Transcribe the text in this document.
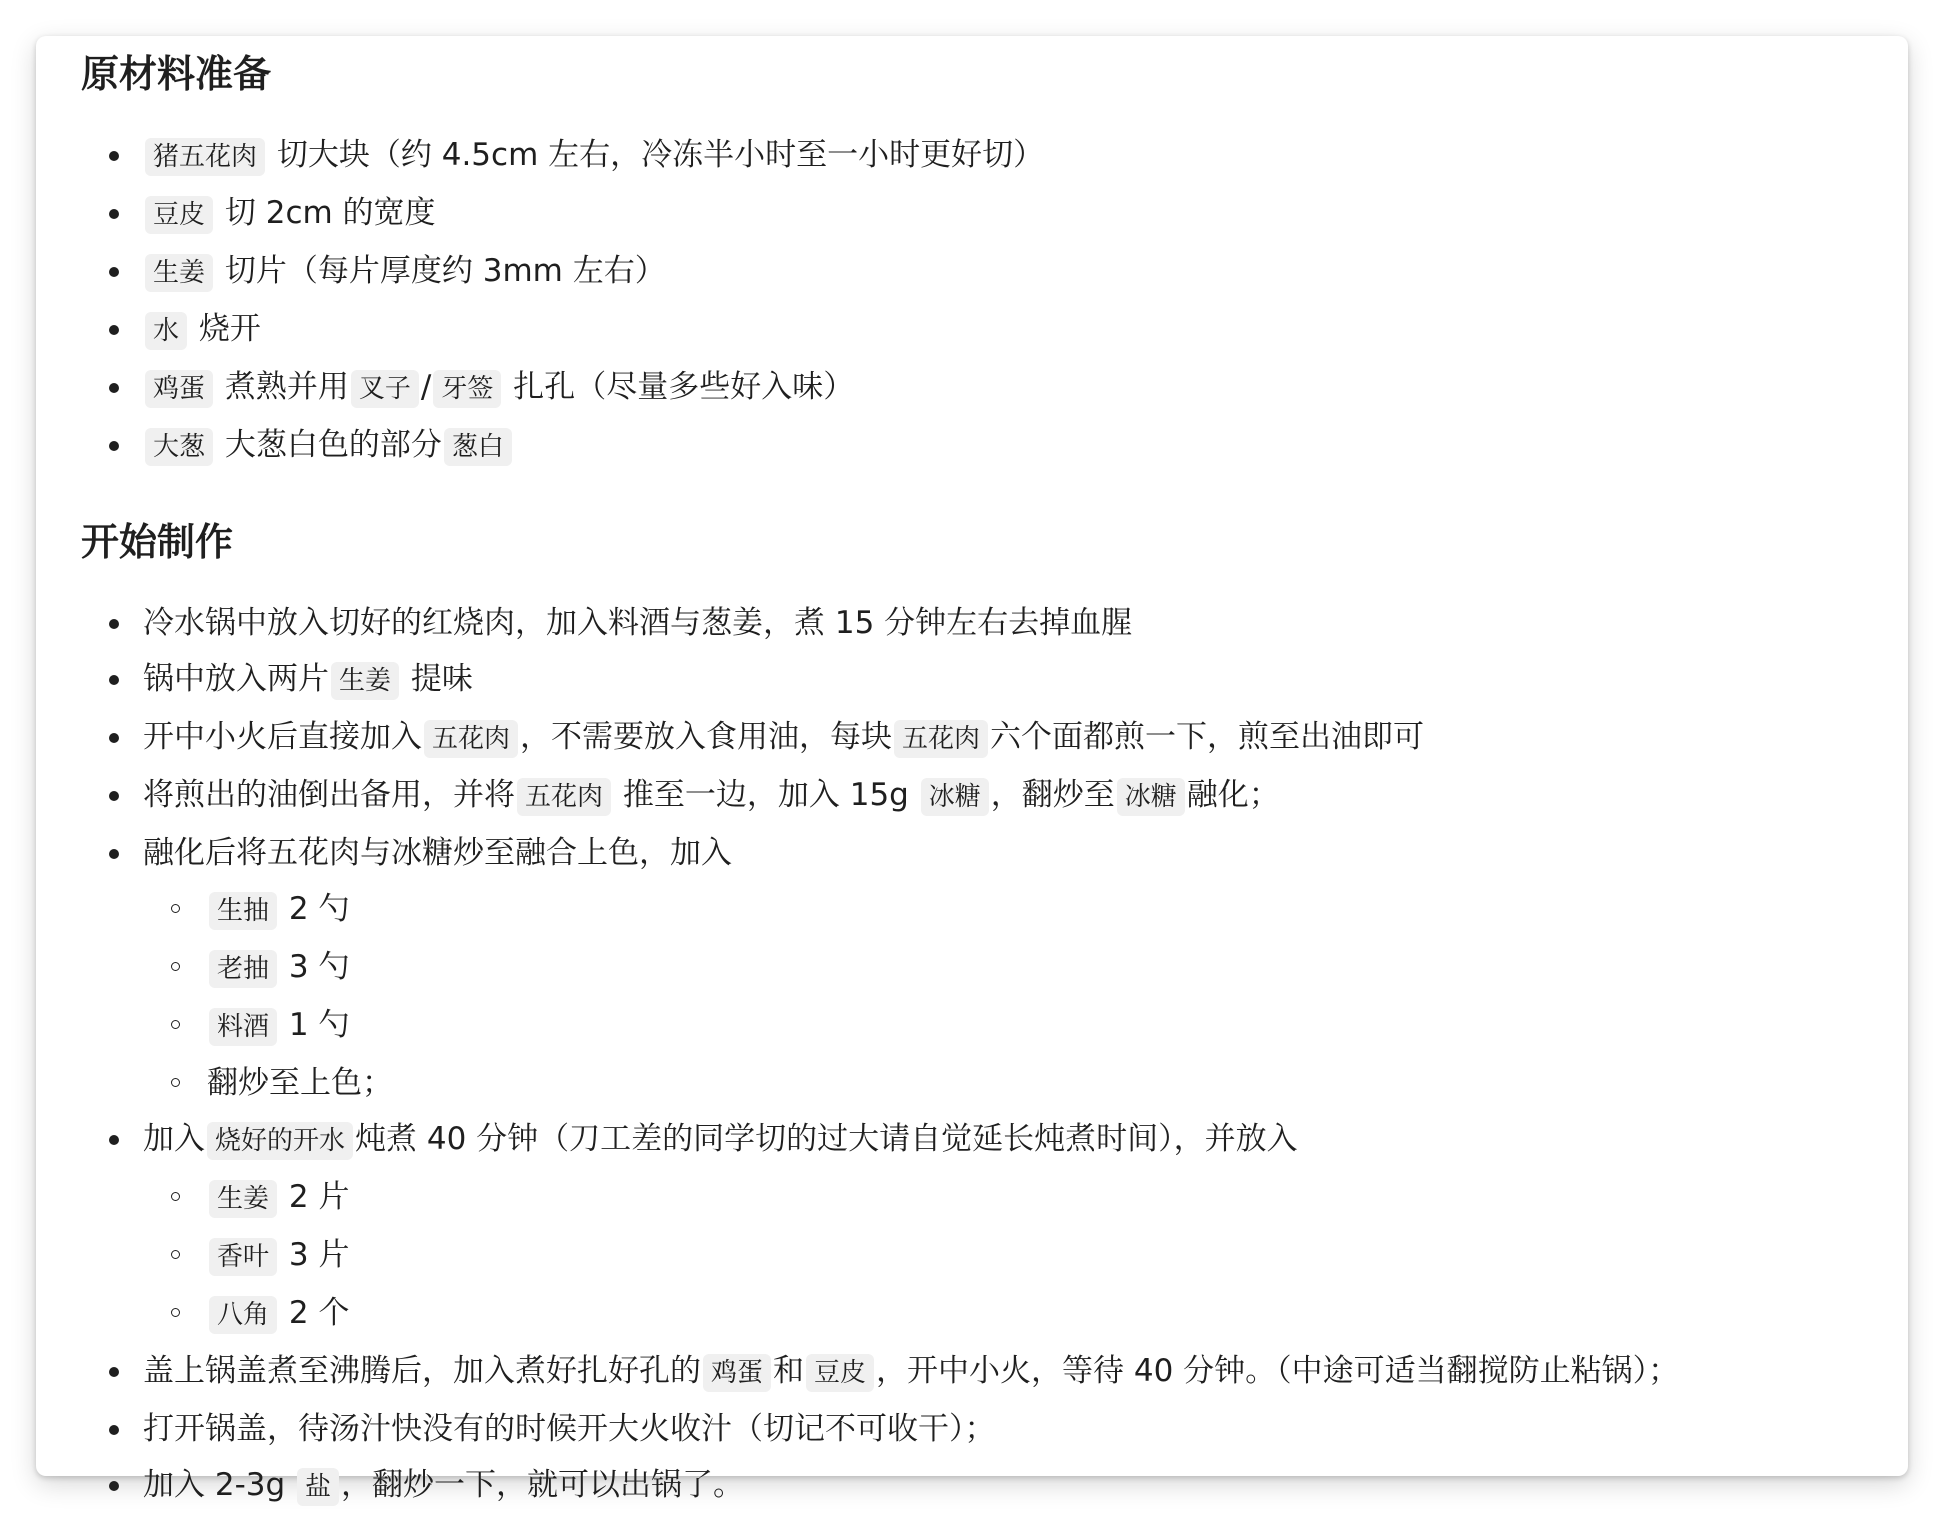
原材料准备
猪五花肉 切大块（约 4.5cm 左右，冷冻半小时至一小时更好切）
豆皮 切 2cm 的宽度
生姜 切片（每片厚度约 3mm 左右）
水 烧开
鸡蛋 煮熟并用 叉子 / 牙签 扎孔（尽量多些好入味）
大葱 大葱白色的部分 葱白
开始制作
冷水锅中放入切好的红烧肉，加入料酒与葱姜，煮 15 分钟左右去掉血腥
锅中放入两片 生姜 提味
开中小火后直接加入 五花肉 ，不需要放入食用油，每块 五花肉 六个面都煎一下，煎至出油即可
将煎出的油倒出备用，并将 五花肉 推至一边，加入 15g 冰糖 ，翻炒至 冰糖 融化；
融化后将五花肉与冰糖炒至融合上色，加入
生抽 2 勺
老抽 3 勺
料酒 1 勺
翻炒至上色；
加入 烧好的开水 炖煮 40 分钟（刀工差的同学切的过大请自觉延长炖煮时间），并放入
生姜 2 片
香叶 3 片
八角 2 个
盖上锅盖煮至沸腾后，加入煮好扎好孔的 鸡蛋 和 豆皮 ，开中小火，等待 40 分钟。（中途可适当翻搅防止粘锅）；
打开锅盖，待汤汁快没有的时候开大火收汁（切记不可收干）；
加入 2-3g 盐 ，翻炒一下，就可以出锅了。
